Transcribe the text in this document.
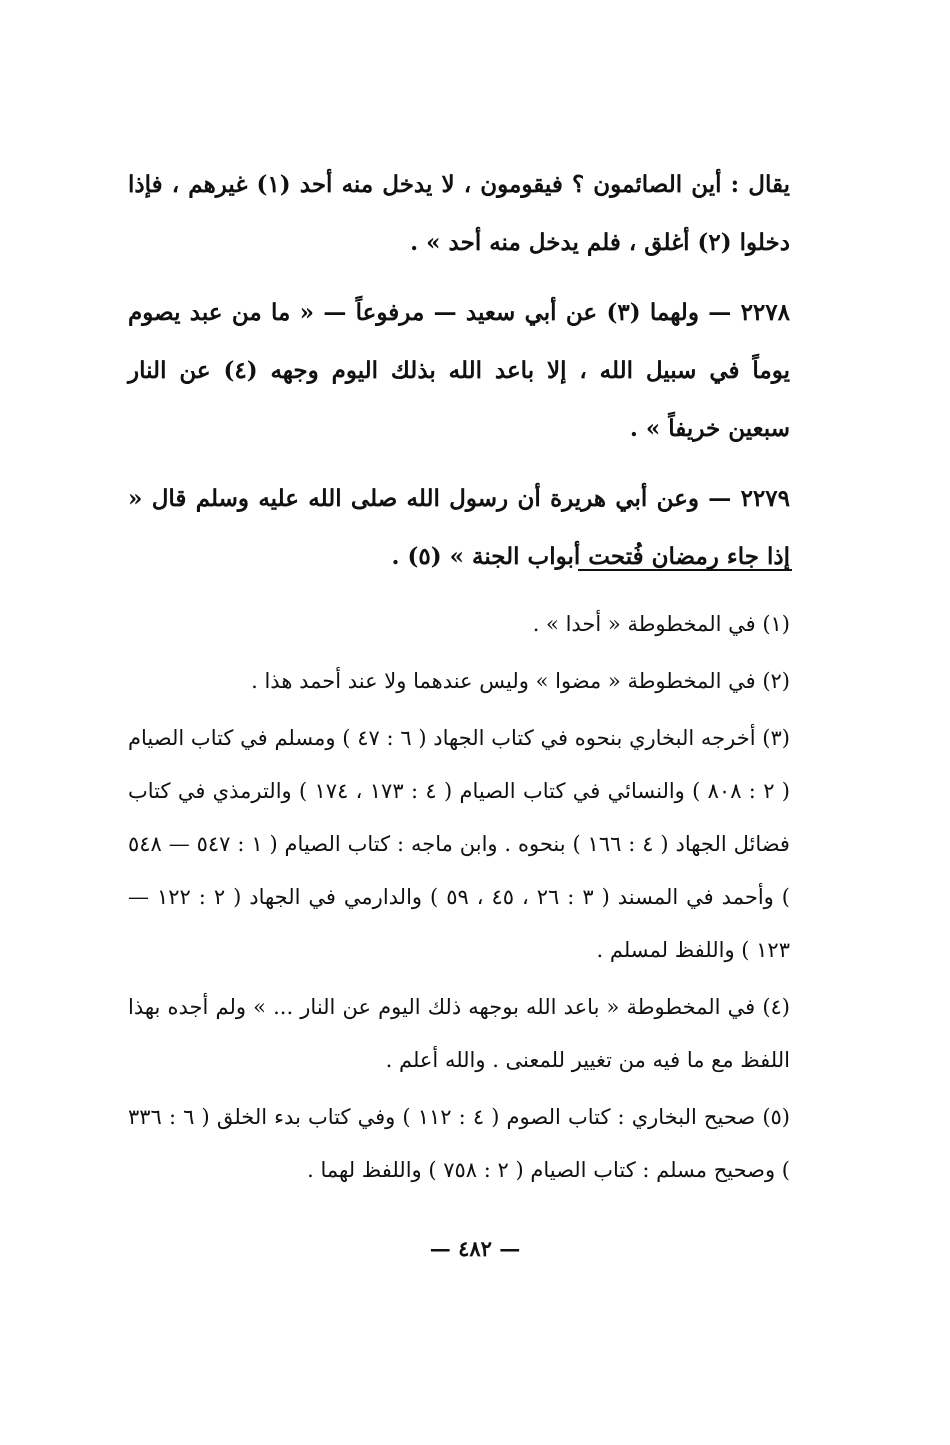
يقال : أين الصائمون ؟ فيقومون ، لا يدخل منه أحد (١) غيرهم ، فإذا دخلوا (٢) أغلق ، فلم يدخل منه أحد » .

٢٢٧٨ — ولهما (٣) عن أبي سعيد — مرفوعاً — « ما من عبد يصوم يوماً في سبيل الله ، إلا باعد الله بذلك اليوم وجهه (٤) عن النار سبعين خريفاً » .

٢٢٧٩ — وعن أبي هريرة أن رسول الله صلى الله عليه وسلم قال « إذا جاء رمضان فُتحت أبواب الجنة » (٥) .

(١) في المخطوطة « أحدا » .

(٢) في المخطوطة « مضوا » وليس عندهما ولا عند أحمد هذا .

(٣) أخرجه البخاري بنحوه في كتاب الجهاد ( ٦ : ٤٧ ) ومسلم في كتاب الصيام ( ٢ : ٨٠٨ ) والنسائي في كتاب الصيام ( ٤ : ١٧٣ ، ١٧٤ ) والترمذي في كتاب فضائل الجهاد ( ٤ : ١٦٦ ) بنحوه . وابن ماجه : كتاب الصيام ( ١ : ٥٤٧ — ٥٤٨ ) وأحمد في المسند ( ٣ : ٢٦ ، ٤٥ ، ٥٩ ) والدارمي في الجهاد ( ٢ : ١٢٢ — ١٢٣ ) واللفظ لمسلم .

(٤) في المخطوطة « باعد الله بوجهه ذلك اليوم عن النار ... » ولم أجده بهذا اللفظ مع ما فيه من تغيير للمعنى . والله أعلم .

(٥) صحيح البخاري : كتاب الصوم ( ٤ : ١١٢ ) وفي كتاب بدء الخلق ( ٦ : ٣٣٦ ) وصحيح مسلم : كتاب الصيام ( ٢ : ٧٥٨ ) واللفظ لهما .

— ٤٨٢ —
